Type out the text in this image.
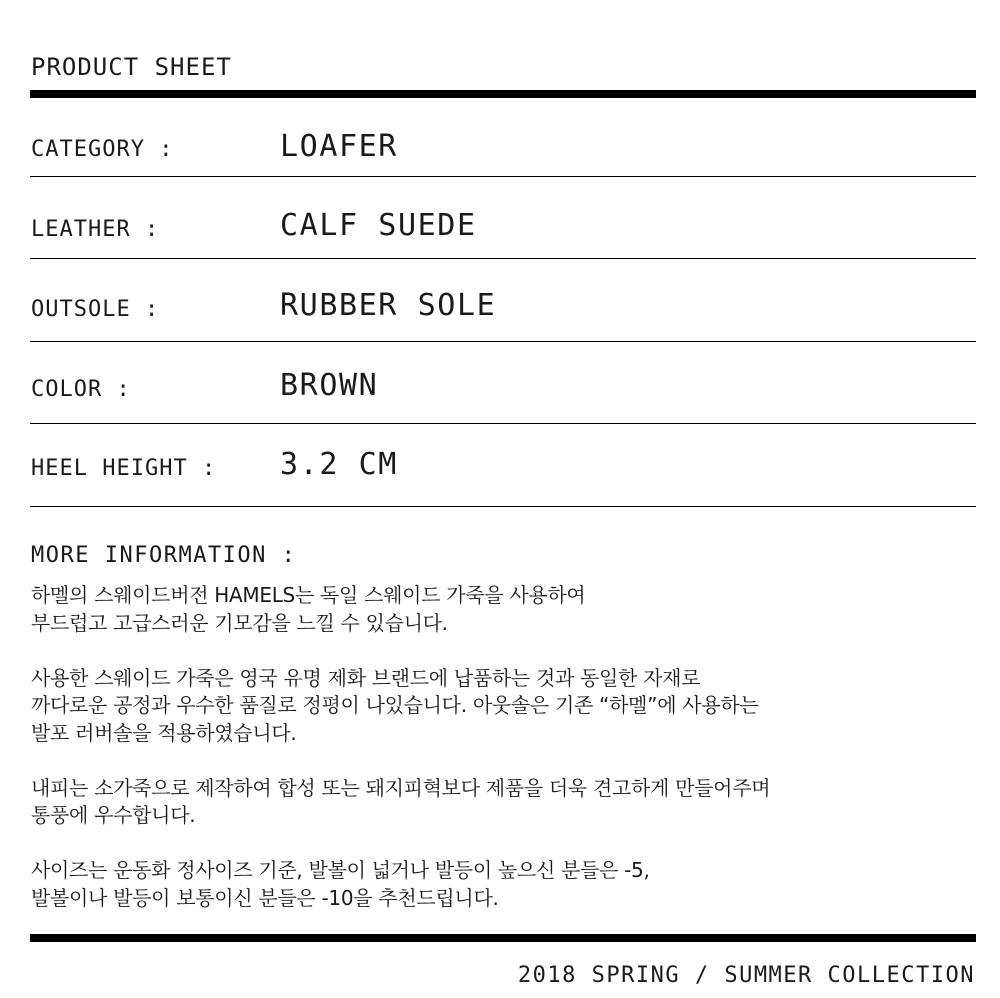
PRODUCT SHEET
CATEGORY :	LOAFER
LEATHER :	CALF SUEDE
OUTSOLE :	RUBBER SOLE
COLOR :	BROWN
HEEL HEIGHT : 3.2 CM
MORE INFORMATION :

하멜의 스웨이드버전 HAMELS는 독일 스웨이드 가죽을 사용하여
부드럽고 고급스러운 기모감을 느낄 수 있습니다.

사용한 스웨이드 가죽은 영국 유명 제화 브랜드에 납품하는 것과 동일한 자재로
까다로운 공정과 우수한 품질로 정평이 나있습니다. 아웃솔은 기존 “하멜”에 사용하는
발포 러버솔을 적용하였습니다.

내피는 소가죽으로 제작하여 합성 또는 돼지피혁보다 제품을 더욱 견고하게 만들어주며
통풍에 우수합니다.

사이즈는 운동화 정사이즈 기준, 발볼이 넓거나 발등이 높으신 분들은 -5,
발볼이나 발등이 보통이신 분들은 -10을 추천드립니다.

2018 SPRING / SUMMER COLLECTION
